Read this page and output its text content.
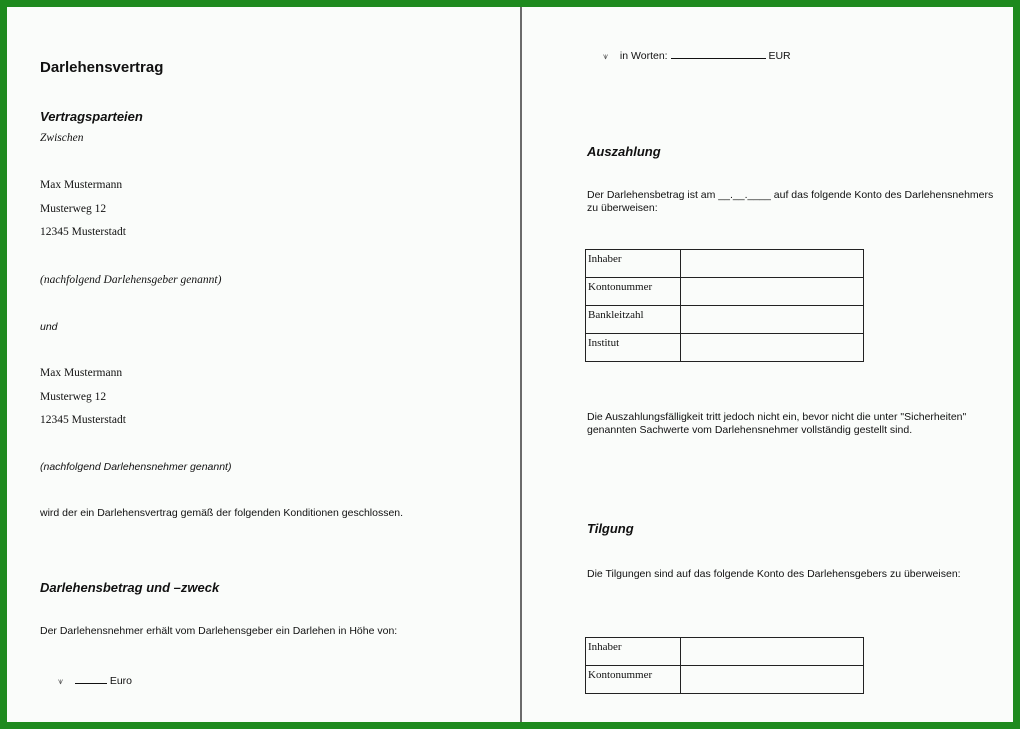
Darlehensvertrag
Vertragsparteien
Zwischen
Max Mustermann
Musterweg 12
12345 Musterstadt
(nachfolgend Darlehensgeber genannt)
und
Max Mustermann
Musterweg 12
12345 Musterstadt
(nachfolgend Darlehensnehmer genannt)
wird der ein Darlehensvertrag gemäß der folgenden Konditionen geschlossen.
Darlehensbetrag und –zweck
Der Darlehensnehmer erhält vom Darlehensgeber ein Darlehen in Höhe von:
⩛	Euro
⩛ in Worten:	EUR
Auszahlung
Der Darlehensbetrag ist am __.__.____ auf das folgende Konto des Darlehensnehmers zu überweisen:
Inhaber	
Kontonummer	
Bankleitzahl	
Institut	
Die Auszahlungsfälligkeit tritt jedoch nicht ein, bevor nicht die unter "Sicherheiten" genannten Sachwerte vom Darlehensnehmer vollständig gestellt sind.
Tilgung
Die Tilgungen sind auf das folgende Konto des Darlehensgebers zu überweisen:
Inhaber	
Kontonummer	
